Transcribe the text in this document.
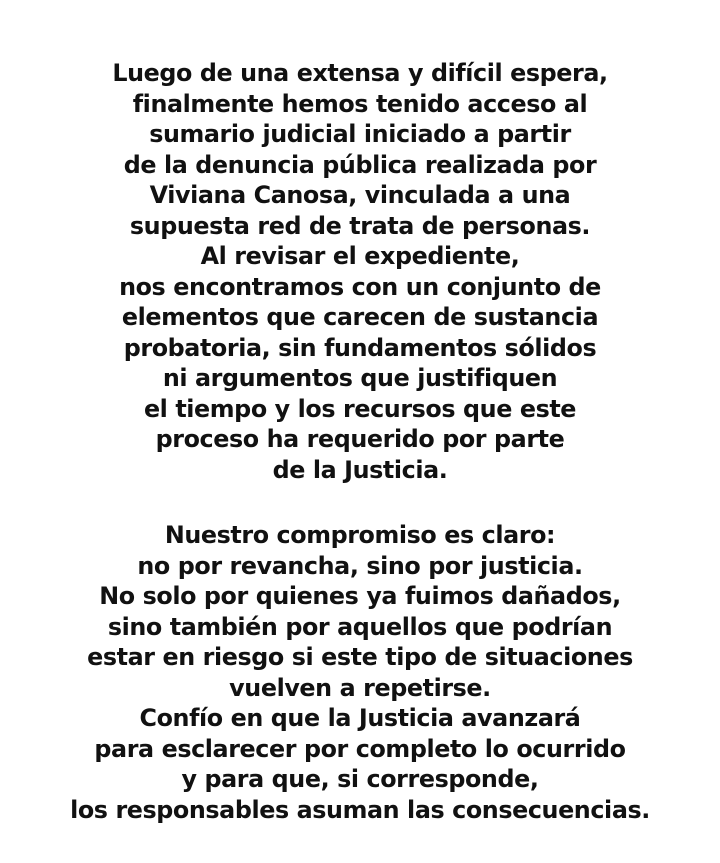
Luego de una extensa y difícil espera,
finalmente hemos tenido acceso al
sumario judicial iniciado a partir
de la denuncia pública realizada por
Viviana Canosa, vinculada a una
supuesta red de trata de personas.
Al revisar el expediente,
nos encontramos con un conjunto de
elementos que carecen de sustancia
probatoria, sin fundamentos sólidos
ni argumentos que justifiquen
el tiempo y los recursos que este
proceso ha requerido por parte
de la Justicia.

Nuestro compromiso es claro:
no por revancha, sino por justicia.
No solo por quienes ya fuimos dañados,
sino también por aquellos que podrían
estar en riesgo si este tipo de situaciones
vuelven a repetirse.
Confío en que la Justicia avanzará
para esclarecer por completo lo ocurrido
y para que, si corresponde,
los responsables asuman las consecuencias.
